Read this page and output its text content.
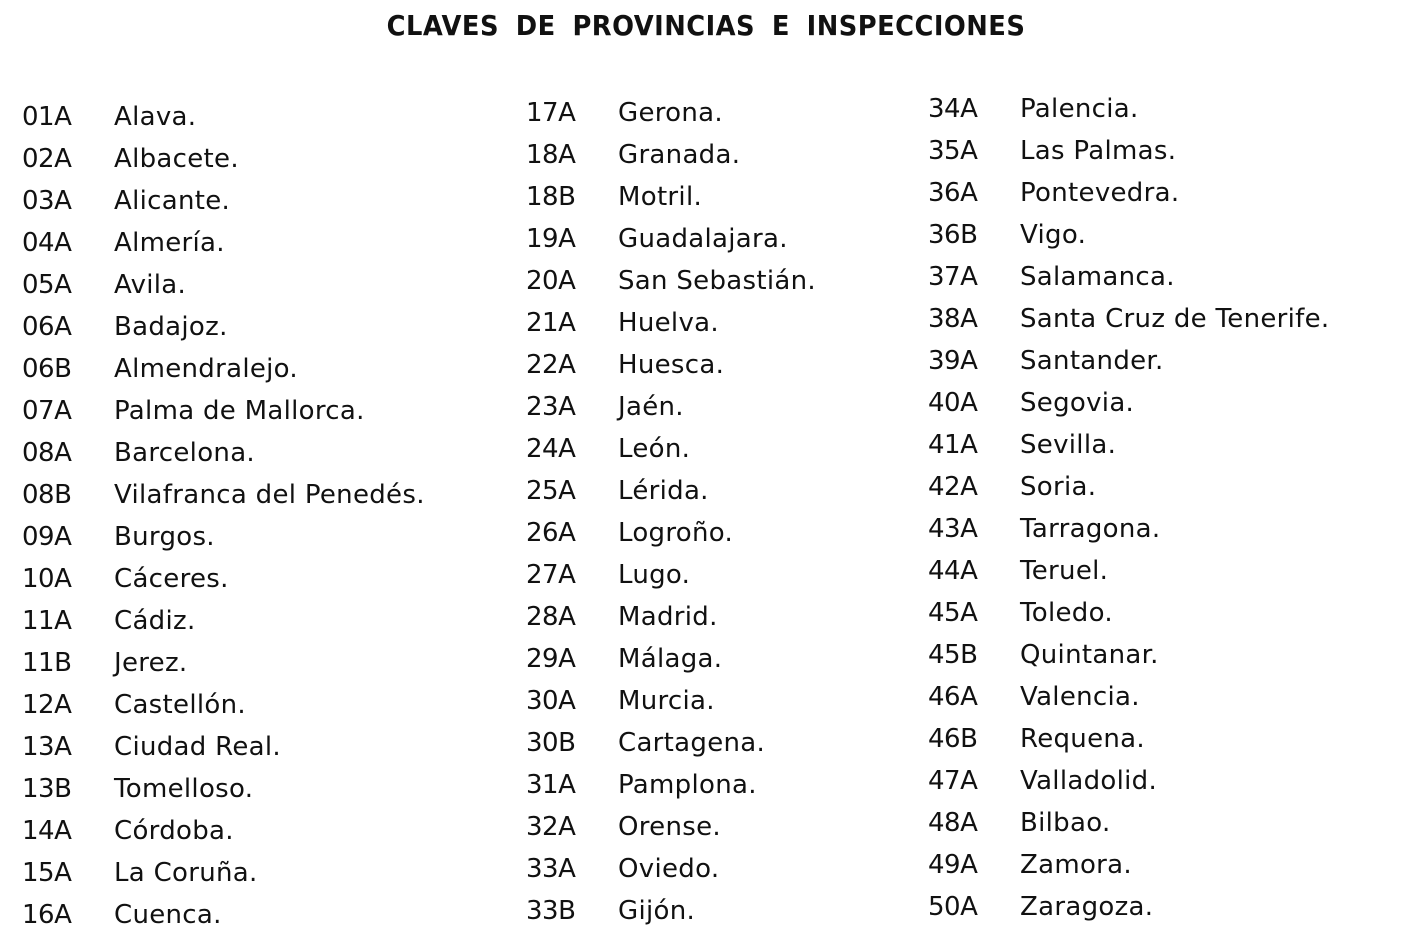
CLAVES DE PROVINCIAS E INSPECCIONES
01A	Alava.
02A	Albacete.
03A	Alicante.
04A	Almería.
05A	Avila.
06A	Badajoz.
06B	Almendralejo.
07A	Palma de Mallorca.
08A	Barcelona.
08B	Vilafranca del Penedés.
09A	Burgos.
10A	Cáceres.
11A	Cádiz.
11B	Jerez.
12A	Castellón.
13A	Ciudad Real.
13B	Tomelloso.
14A	Córdoba.
15A	La Coruña.
16A	Cuenca.
17A	Gerona.
18A	Granada.
18B	Motril.
19A	Guadalajara.
20A	San Sebastián.
21A	Huelva.
22A	Huesca.
23A	Jaén.
24A	León.
25A	Lérida.
26A	Logroño.
27A	Lugo.
28A	Madrid.
29A	Málaga.
30A	Murcia.
30B	Cartagena.
31A	Pamplona.
32A	Orense.
33A	Oviedo.
33B	Gijón.
34A	Palencia.
35A	Las Palmas.
36A	Pontevedra.
36B	Vigo.
37A	Salamanca.
38A	Santa Cruz de Tenerife.
39A	Santander.
40A	Segovia.
41A	Sevilla.
42A	Soria.
43A	Tarragona.
44A	Teruel.
45A	Toledo.
45B	Quintanar.
46A	Valencia.
46B	Requena.
47A	Valladolid.
48A	Bilbao.
49A	Zamora.
50A	Zaragoza.
